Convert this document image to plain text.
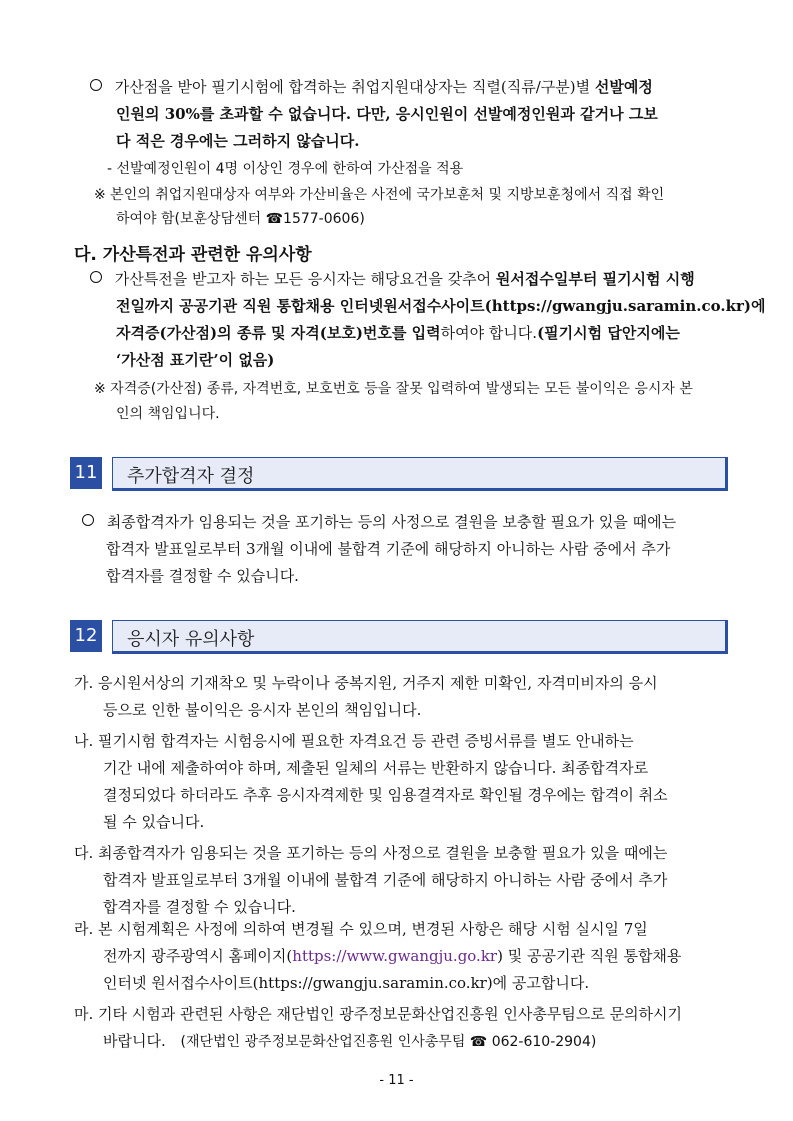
가산점을 받아 필기시험에 합격하는 취업지원대상자는 직렬(직류/구분)별 선발예정
인원의 30%를 초과할 수 없습니다. 다만, 응시인원이 선발예정인원과 같거나 그보
다 적은 경우에는 그러하지 않습니다.
- 선발예정인원이 4명 이상인 경우에 한하여 가산점을 적용
※ 본인의 취업지원대상자 여부와 가산비율은 사전에 국가보훈처 및 지방보훈청에서 직접 확인
하여야 함(보훈상담센터 ☎1577-0606)
다. 가산특전과 관련한 유의사항
가산특전을 받고자 하는 모든 응시자는 해당요건을 갖추어 원서접수일부터 필기시험 시행
전일까지 공공기관 직원 통합채용 인터넷원서접수사이트(https://gwangju.saramin.co.kr)에
자격증(가산점)의 종류 및 자격(보호)번호를 입력하여야 합니다.(필기시험 답안지에는
‘가산점 표기란’이 없음)
※ 자격증(가산점) 종류, 자격번호, 보호번호 등을 잘못 입력하여 발생되는 모든 불이익은 응시자 본
인의 책임입니다.
11 추가합격자 결정
최종합격자가 임용되는 것을 포기하는 등의 사정으로 결원을 보충할 필요가 있을 때에는
합격자 발표일로부터 3개월 이내에 불합격 기준에 해당하지 아니하는 사람 중에서 추가
합격자를 결정할 수 있습니다.
12 응시자 유의사항
가. 응시원서상의 기재착오 및 누락이나 중복지원, 거주지 제한 미확인, 자격미비자의 응시
등으로 인한 불이익은 응시자 본인의 책임입니다.
나. 필기시험 합격자는 시험응시에 필요한 자격요건 등 관련 증빙서류를 별도 안내하는
기간 내에 제출하여야 하며, 제출된 일체의 서류는 반환하지 않습니다. 최종합격자로
결정되었다 하더라도 추후 응시자격제한 및 임용결격자로 확인될 경우에는 합격이 취소
될 수 있습니다.
다. 최종합격자가 임용되는 것을 포기하는 등의 사정으로 결원을 보충할 필요가 있을 때에는
합격자 발표일로부터 3개월 이내에 불합격 기준에 해당하지 아니하는 사람 중에서 추가
합격자를 결정할 수 있습니다.
라. 본 시험계획은 사정에 의하여 변경될 수 있으며, 변경된 사항은 해당 시험 실시일 7일
전까지 광주광역시 홈페이지(https://www.gwangju.go.kr) 및 공공기관 직원 통합채용
인터넷 원서접수사이트(https://gwangju.saramin.co.kr)에 공고합니다.
마. 기타 시험과 관련된 사항은 재단법인 광주정보문화산업진흥원 인사총무팀으로 문의하시기
바랍니다. (재단법인 광주정보문화산업진흥원 인사총무팀 ☎ 062-610-2904)
- 11 -
